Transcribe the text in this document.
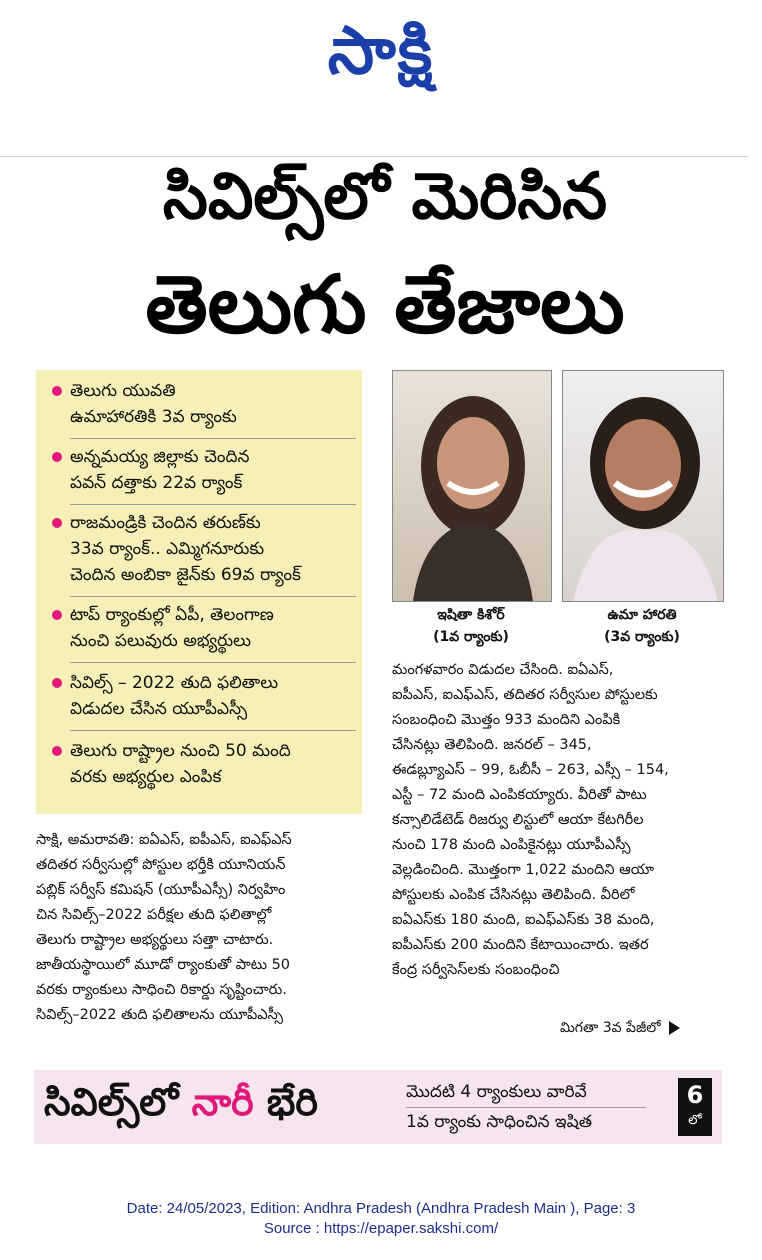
సాక్షి
సివిల్స్‌లో మెరిసిన
తెలుగు తేజాలు
తెలుగు యువతి
ఉమాహారతికి 3వ ర్యాంకు
అన్నమయ్య జిల్లాకు చెందిన
పవన్‌ దత్తాకు 22వ ర్యాంక్‌
రాజమండ్రికి చెందిన తరుణ్‌కు
33వ ర్యాంక్‌.. ఎమ్మిగనూరుకు
చెందిన అంబికా జైన్‌కు 69వ ర్యాంక్‌
టాప్‌ ర్యాంకుల్లో ఏపీ, తెలంగాణ
నుంచి పలువురు అభ్యర్థులు
సివిల్స్‌ – 2022 తుది ఫలితాలు
విడుదల చేసిన యూపీఎస్సీ
తెలుగు రాష్ట్రాల నుంచి 50 మంది
వరకు అభ్యర్థుల ఎంపిక
ఇషితా కిశోర్‌
(1వ ర్యాంకు)
ఉమా హారతి
(3వ ర్యాంకు)
సాక్షి, అమరావతి: ఐఏఎస్, ఐపీఎస్, ఐఎఫ్‌ఎస్
తదితర సర్వీసుల్లో పోస్టుల భర్తీకి యూనియన్‌
పబ్లిక్‌ సర్వీస్‌ కమిషన్‌ (యూపీఎస్సీ) నిర్వహిం
చిన సివిల్స్‌–2022 పరీక్షల తుది ఫలితాల్లో
తెలుగు రాష్ట్రాల అభ్యర్థులు సత్తా చాటారు.
జాతీయస్థాయిలో మూడో ర్యాంకుతో పాటు 50
వరకు ర్యాంకులు సాధించి రికార్డు సృష్టించారు.
సివిల్స్‌–2022 తుది ఫలితాలను యూపీఎస్సీ
మంగళవారం విడుదల చేసింది. ఐఏఎస్,
ఐపీఎస్, ఐఎఫ్‌ఎస్, తదితర సర్వీసుల పోస్టులకు
సంబంధించి మొత్తం 933 మందిని ఎంపికి
చేసినట్లు తెలిపింది. జనరల్‌ – 345,
ఈడబ్ల్యూఎస్‌ – 99, ఓబీసీ – 263, ఎస్సీ – 154,
ఎస్టీ – 72 మంది ఎంపికయ్యారు. వీరితో పాటు
కన్సాలిడేటెడ్‌ రిజర్వు లిస్టులో ఆయా కేటగిరీల
నుంచి 178 మంది ఎంపికైనట్లు యూపీఎస్సీ
వెల్లడించింది. మొత్తంగా 1,022 మందిని ఆయా
పోస్టులకు ఎంపిక చేసినట్లు తెలిపింది. వీరిలో
ఐఏఎస్‌కు 180 మంది, ఐఎఫ్‌ఎస్‌కు 38 మంది,
ఐపీఎస్‌కు 200 మందిని కేటాయించారు. ఇతర
కేంద్ర సర్వీసెస్‌లకు సంబంధించి
మిగతా 3వ పేజీలో
సివిల్స్‌లో నారీ భేరి	మొదటి 4 ర్యాంకులు వారివే
1వ ర్యాంకు సాధించిన ఇషిత
6
లో
Date: 24/05/2023, Edition: Andhra Pradesh (Andhra Pradesh Main ), Page: 3
Source : https://epaper.sakshi.com/
